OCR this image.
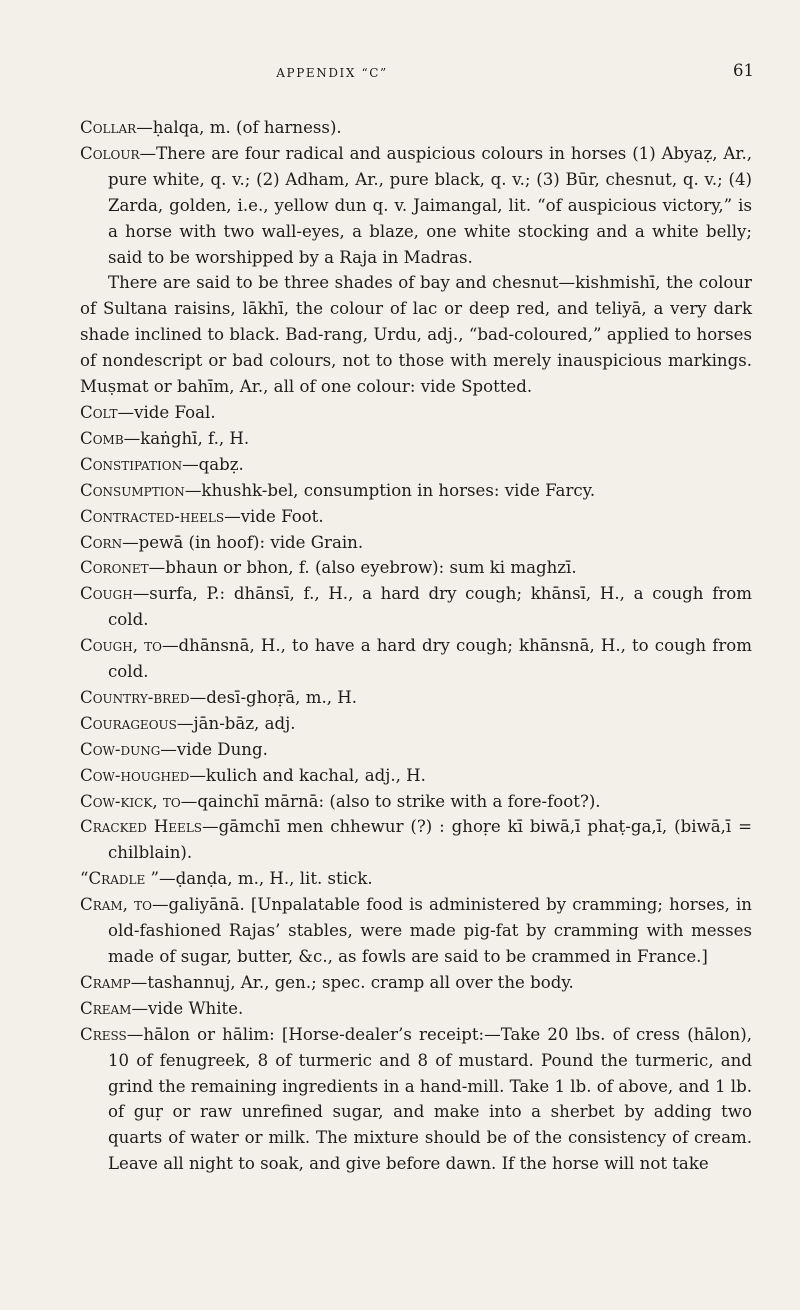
APPENDIX “C”	61

Collar—ḥalqa, m. (of harness).

Colour—There are four radical and auspicious colours in horses (1) Abyaẓ, Ar., pure white, q. v.; (2) Adham, Ar., pure black, q. v.; (3) Būr, chesnut, q. v.; (4) Zarda, golden, i.e., yellow dun q. v. Jaimangal, lit. “of auspicious victory,” is a horse with two wall-eyes, a blaze, one white stocking and a white belly; said to be worshipped by a Raja in Madras.

There are said to be three shades of bay and chesnut—kishmishī, the colour of Sultana raisins, lākhī, the colour of lac or deep red, and teliyā, a very dark shade inclined to black. Bad-rang, Urdu, adj., “bad-coloured,” applied to horses of nondescript or bad colours, not to those with merely inauspicious markings. Muṣmat or bahīm, Ar., all of one colour: vide Spotted.

Colt—vide Foal.

Comb—kaṅghī, f., H.

Constipation—qabẓ.

Consumption—khushk-bel, consumption in horses: vide Farcy.

Contracted-heels—vide Foot.

Corn—pewā (in hoof): vide Grain.

Coronet—bhaun or bhon, f. (also eyebrow): sum ki maghzī.

Cough—surfa, P.: dhānsī, f., H., a hard dry cough; khānsī, H., a cough from cold.

Cough, to—dhānsnā, H., to have a hard dry cough; khānsnā, H., to cough from cold.

Country-bred—desī-ghoṛā, m., H.

Courageous—jān-bāz, adj.

Cow-dung—vide Dung.

Cow-houghed—kulich and kachal, adj., H.

Cow-kick, to—qainchī mārnā: (also to strike with a fore-foot?).

Cracked Heels—gāmchī men chhewur (?) : ghoṛe kī biwā,ī phaṭ-ga,ī, (biwā,ī = chilblain).

“Cradle ”—ḍanḍa, m., H., lit. stick.

Cram, to—galiyānā. [Unpalatable food is administered by cramming; horses, in old-fashioned Rajas’ stables, were made pig-fat by cramming with messes made of sugar, butter, &c., as fowls are said to be crammed in France.]

Cramp—tashannuj, Ar., gen.; spec. cramp all over the body.

Cream—vide White.

Cress—hālon or hālim: [Horse-dealer’s receipt:—Take 20 lbs. of cress (hālon), 10 of fenugreek, 8 of turmeric and 8 of mustard. Pound the turmeric, and grind the remaining ingredients in a hand-mill. Take 1 lb. of above, and 1 lb. of guṛ or raw unrefined sugar, and make into a sherbet by adding two quarts of water or milk. The mixture should be of the consistency of cream. Leave all night to soak, and give before dawn. If the horse will not take
